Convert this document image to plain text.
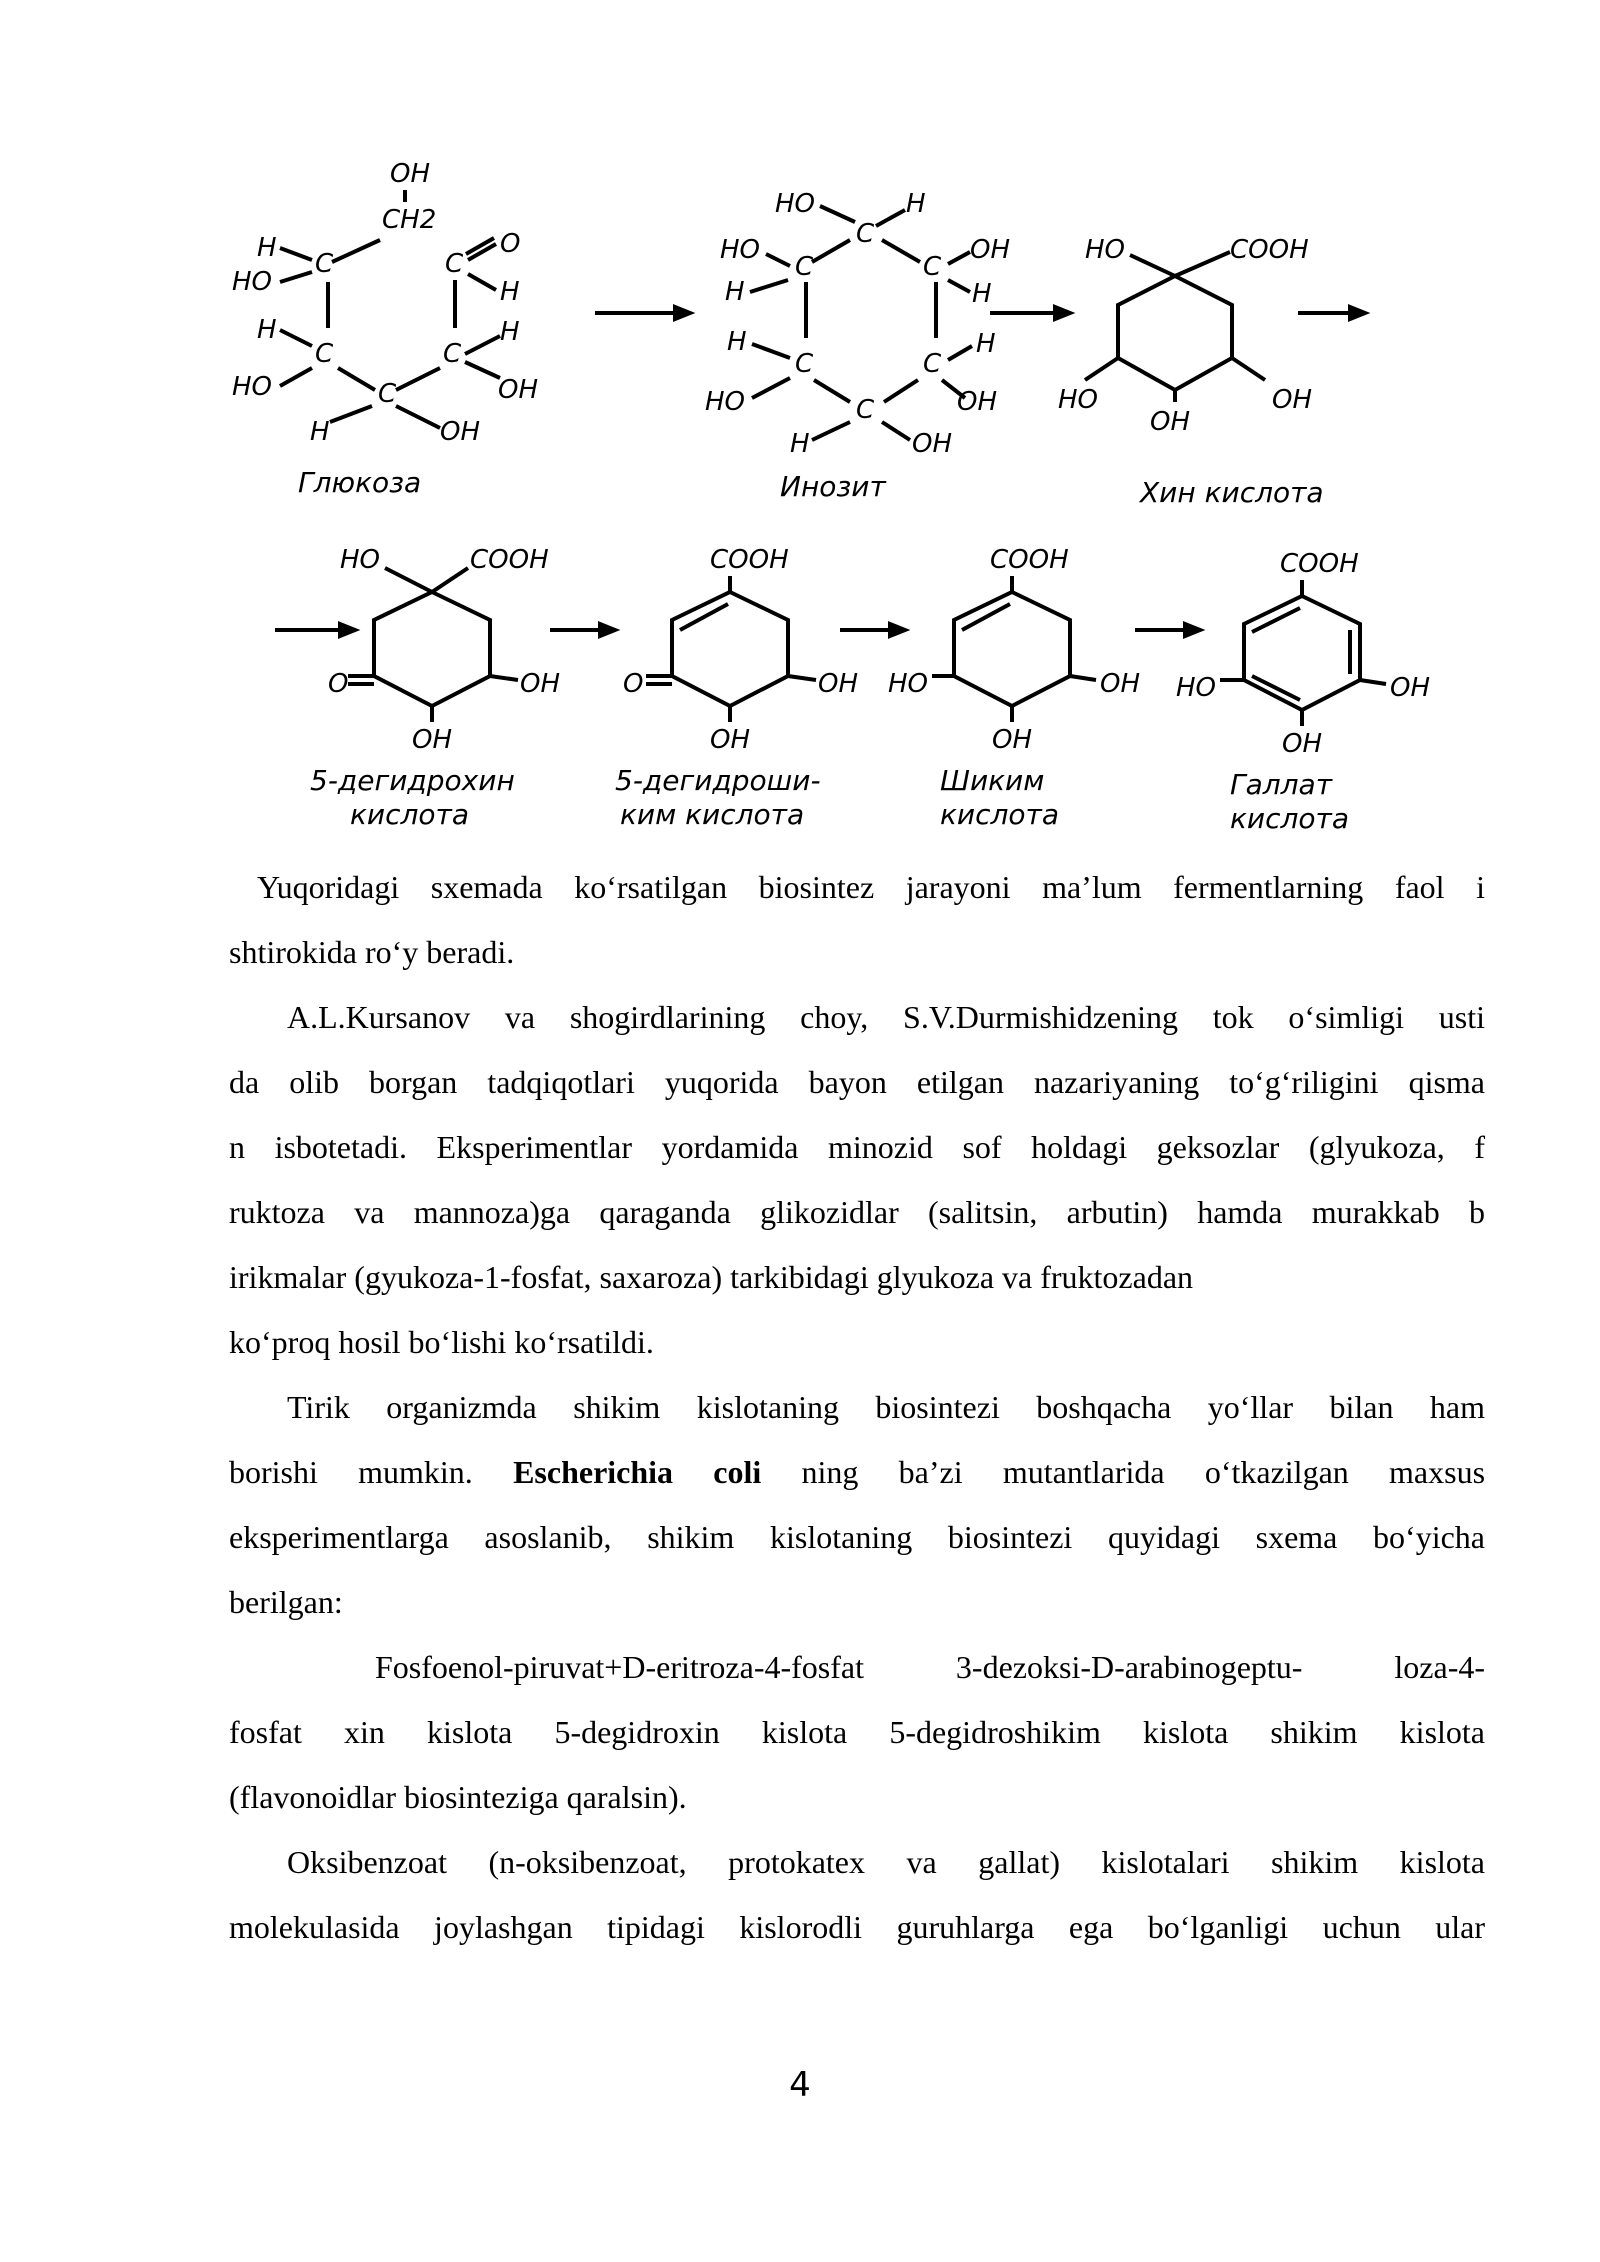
OH
CH2
C
H
HO
H
C
HO	C
H	OH
C
H
OH
C
O
H
Глюкоза
HO
C
H
HO
C
H
C
OH
H
H
C
HO
C
H
OH
C
H	OH
Инозит
HO	COOH
HO
OH
OH
Хин кислота
HO	COOH
O	OH
OH
5-дегидрохин
кислота
COOH
O	OH
OH
5-дегидроши-
ким кислота
COOH
HO	OH
OH
Шиким
кислота
COOH
HO	OH
OH
Галлат
кислота

Yuqoridagi sxemada ko‘rsatilgan biosintez jarayoni ma’lum fermentlarning faol i
shtirokida ro‘y beradi.

A.L.Kursanov va shogirdlarining choy, S.V.Durmishidzening tok o‘simligi usti
da olib borgan tadqiqotlari yuqorida bayon etilgan nazariyaning to‘g‘riligini qisma
n isbotetadi. Eksperimentlar yordamida minozid sof holdagi geksozlar (glyukoza, f
ruktoza va mannoza)ga qaraganda glikozidlar (salitsin, arbutin) hamda murakkab b
irikmalar (gyukoza-1-fosfat, saxaroza) tarkibidagi glyukoza va fruktozadan
ko‘proq hosil bo‘lishi ko‘rsatildi.

Tirik organizmda shikim kislotaning biosintezi boshqacha yo‘llar bilan ham
borishi mumkin. Escherichia coli ning ba’zi mutantlarida o‘tkazilgan maxsus
eksperimentlarga asoslanib, shikim kislotaning biosintezi quyidagi sxema bo‘yicha
berilgan:

Fosfoenol-piruvat+D-eritroza-4-fosfat 3-dezoksi-D-arabinogeptu- loza-4-
fosfat xin kislota 5-degidroxin kislota 5-degidroshikim kislota shikim kislota
(flavonoidlar biosinteziga qaralsin).

Oksibenzoat (n-oksibenzoat, protokatex va gallat) kislotalari shikim kislota
molekulasida joylashgan tipidagi kislorodli guruhlarga ega bo‘lganligi uchun ular

4
